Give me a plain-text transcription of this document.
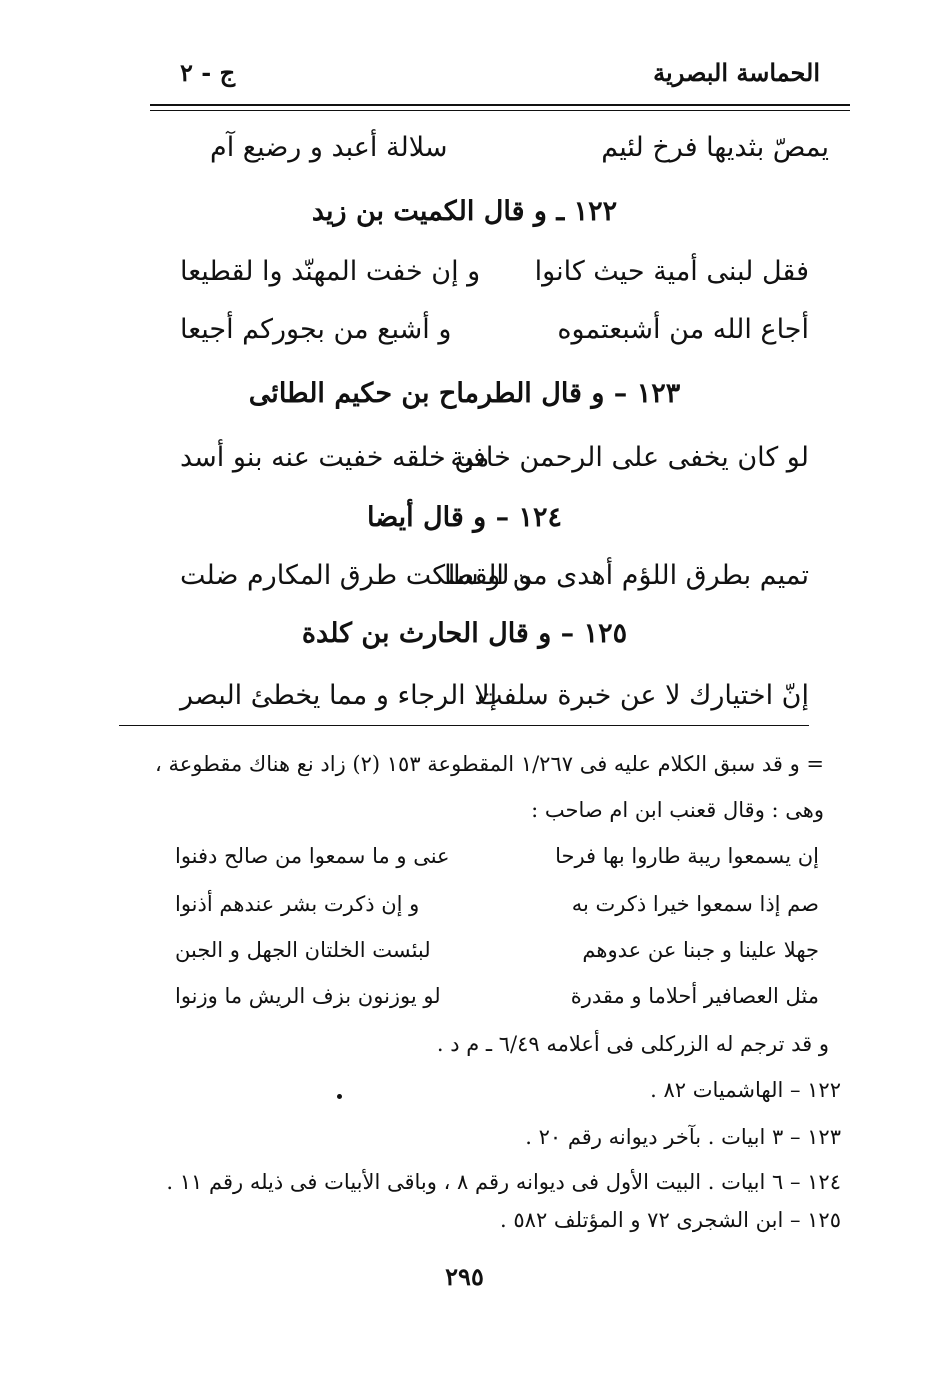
الحماسة البصرية
ج - ٢
يمصّ بثديها فرخ لئيم
سلالة أعبد و رضيع آم
١٢٢ ـ و قال الكميت بن زيد
فقل لبنى أمية حيث كانوا
و إن خفت المهنّد وا لقطيعا
أجاع الله من أشبعتموه
و أشبع من بجوركم أجيعا
١٢٣ – و قال الطرماح بن حكيم الطائى
لو كان يخفى على الرحمن خافية
من خلقه خفيت عنه بنو أسد
١٢٤ – و قال أيضا
تميم بطرق اللؤم أهدى من القطا
و لو سلكت طرق المكارم ضلت
١٢٥ – و قال الحارث بن كلدة
إنّ اختيارك لا عن خبرة سلفت
إلا الرجاء و مما يخطئ البصر
= و قد سبق الكلام عليه فى ١/٢٦٧ المقطوعة ١٥٣ (٢) زاد نع هناك مقطوعة ،
وهى : وقال قعنب ابن ام صاحب :
إن يسمعوا ريبة طاروا بها فرحا
عنى و ما سمعوا من صالح دفنوا
صم إذا سمعوا خيرا ذكرت به
و إن ذكرت بشر عندهم أذنوا
جهلا علينا و جبنا عن عدوهم
لبئست الخلتان الجهل و الجبن
مثل العصافير أحلاما و مقدرة
لو يوزنون بزف الريش ما وزنوا
و قد ترجم له الزركلى فى أعلامه ٦/٤٩ ـ م د .
١٢٢ – الهاشميات ٨٢ .
١٢٣ – ٣ ابيات . بآخر ديوانه رقم ٢٠ .
١٢٤ – ٦ ابيات . البيت الأول فى ديوانه رقم ٨ ، وباقى الأبيات فى ذيله رقم ١١ .
١٢٥ – ابن الشجرى ٧٢ و المؤتلف ٥٨٢ .
٢٩٥
